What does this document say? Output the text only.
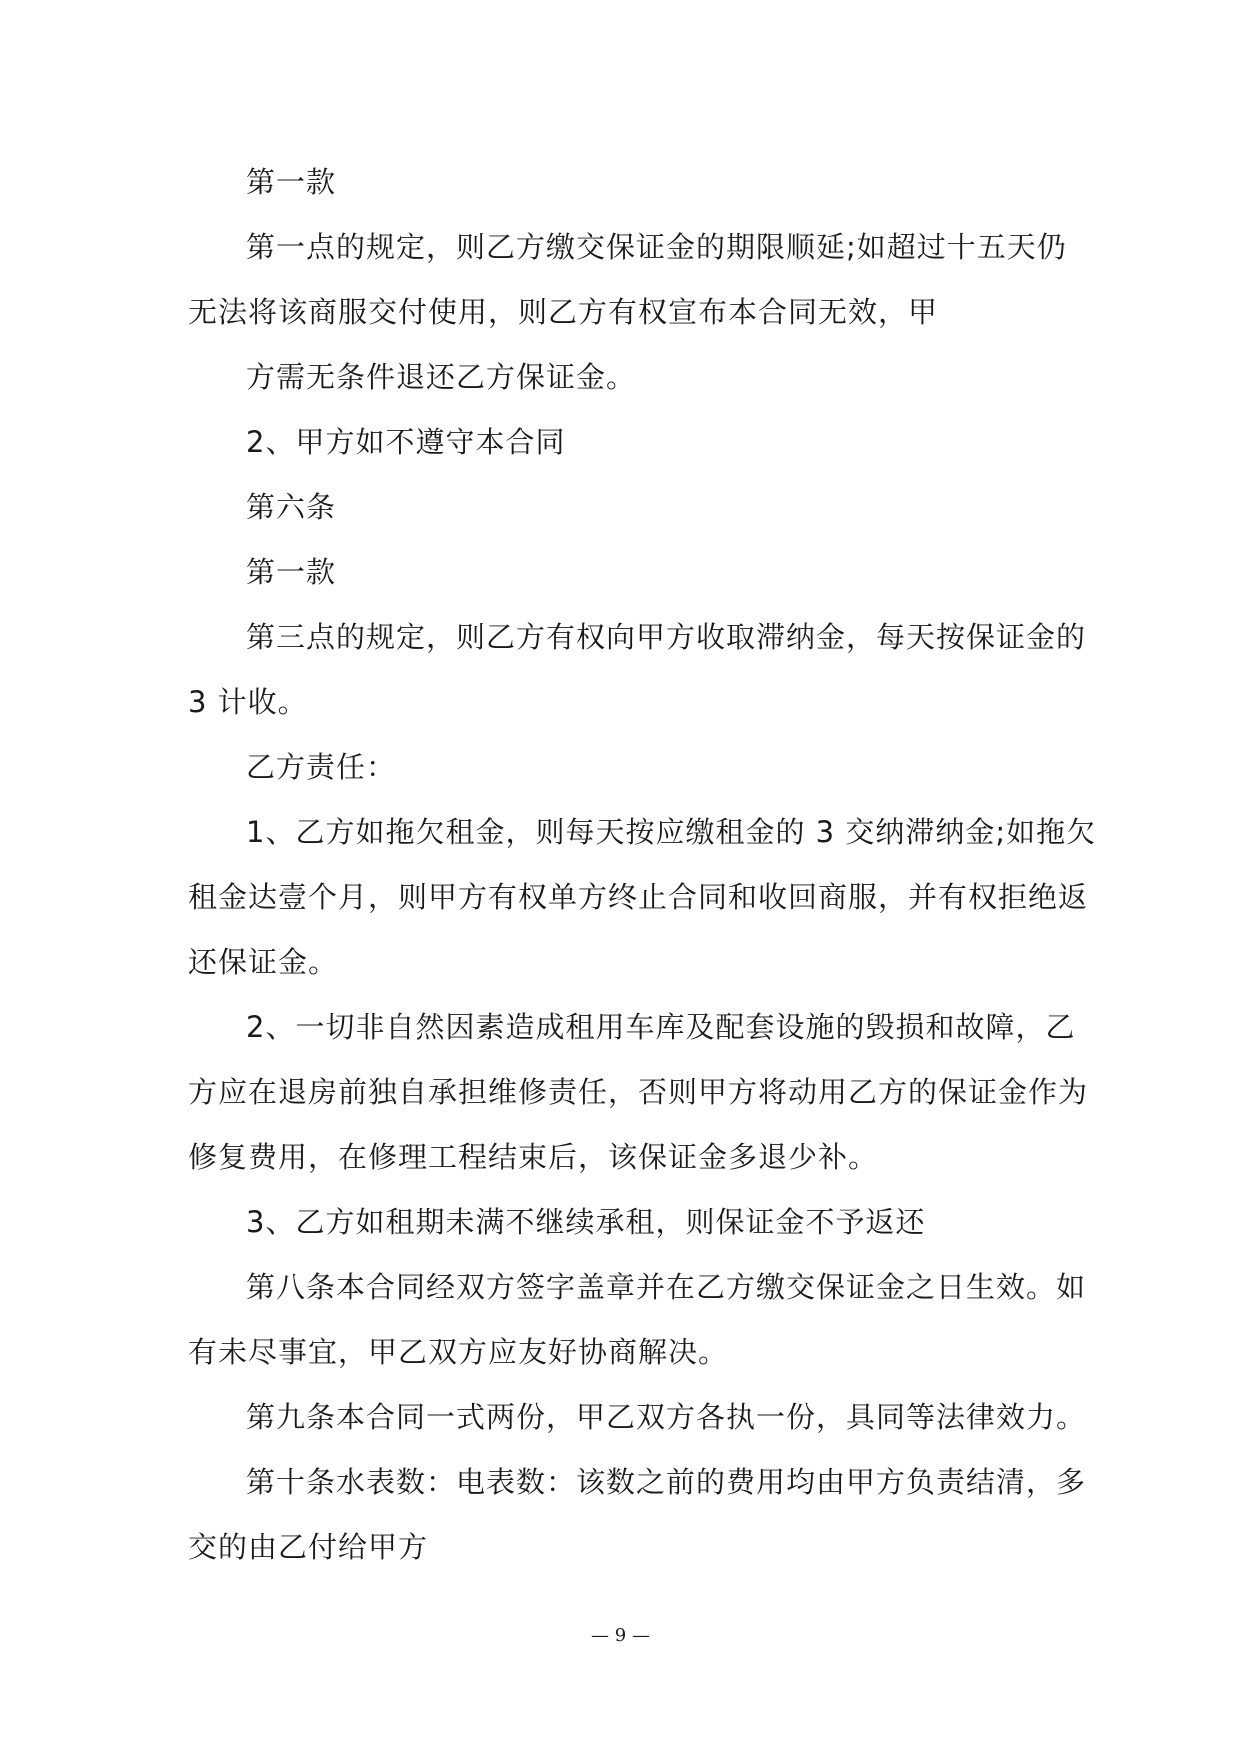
第一款
第一点的规定，则乙方缴交保证金的期限顺延;如超过十五天仍
无法将该商服交付使用，则乙方有权宣布本合同无效，甲
方需无条件退还乙方保证金。
2、甲方如不遵守本合同
第六条
第一款
第三点的规定，则乙方有权向甲方收取滞纳金，每天按保证金的
3 计收。
乙方责任：
1、乙方如拖欠租金，则每天按应缴租金的 3 交纳滞纳金;如拖欠
租金达壹个月，则甲方有权单方终止合同和收回商服，并有权拒绝返
还保证金。
2、一切非自然因素造成租用车库及配套设施的毁损和故障，乙
方应在退房前独自承担维修责任，否则甲方将动用乙方的保证金作为
修复费用，在修理工程结束后，该保证金多退少补。
3、乙方如租期未满不继续承租，则保证金不予返还
第八条本合同经双方签字盖章并在乙方缴交保证金之日生效。如
有未尽事宜，甲乙双方应友好协商解决。
第九条本合同一式两份，甲乙双方各执一份，具同等法律效力。
第十条水表数：电表数：该数之前的费用均由甲方负责结清，多
交的由乙付给甲方
— 9 —
